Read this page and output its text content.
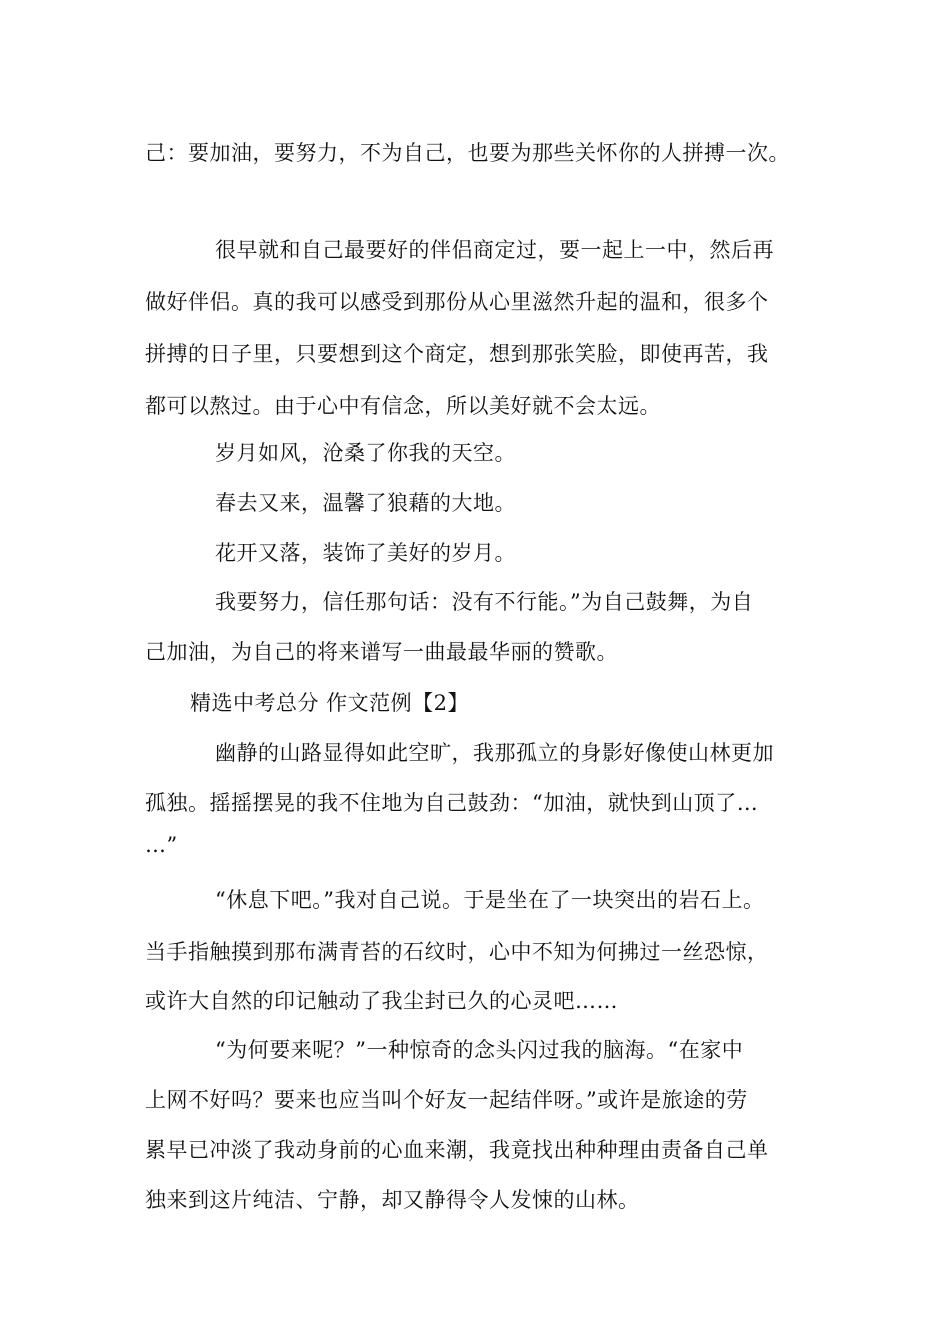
己：要加油，要努力，不为自己，也要为那些关怀你的人拼搏一次。
很早就和自己最要好的伴侣商定过，要一起上一中，然后再
做好伴侣。真的我可以感受到那份从心里滋然升起的温和，很多个
拼搏的日子里，只要想到这个商定，想到那张笑脸，即使再苦，我
都可以熬过。由于心中有信念，所以美好就不会太远。
岁月如风，沧桑了你我的天空。
春去又来，温馨了狼藉的大地。
花开又落，装饰了美好的岁月。
我要努力，信任那句话：没有不行能。”为自己鼓舞，为自
己加油，为自己的将来谱写一曲最最华丽的赞歌。
精选中考总分 作文范例【2】
幽静的山路显得如此空旷，我那孤立的身影好像使山林更加
孤独。摇摇摆晃的我不住地为自己鼓劲：“加油，就快到山顶了…
…”
“休息下吧。”我对自己说。于是坐在了一块突出的岩石上。
当手指触摸到那布满青苔的石纹时，心中不知为何拂过一丝恐惊，
或许大自然的印记触动了我尘封已久的心灵吧……
“为何要来呢？”一种惊奇的念头闪过我的脑海。“在家中
上网不好吗？要来也应当叫个好友一起结伴呀。”或许是旅途的劳
累早已冲淡了我动身前的心血来潮，我竟找出种种理由责备自己单
独来到这片纯洁、宁静，却又静得令人发悚的山林。
